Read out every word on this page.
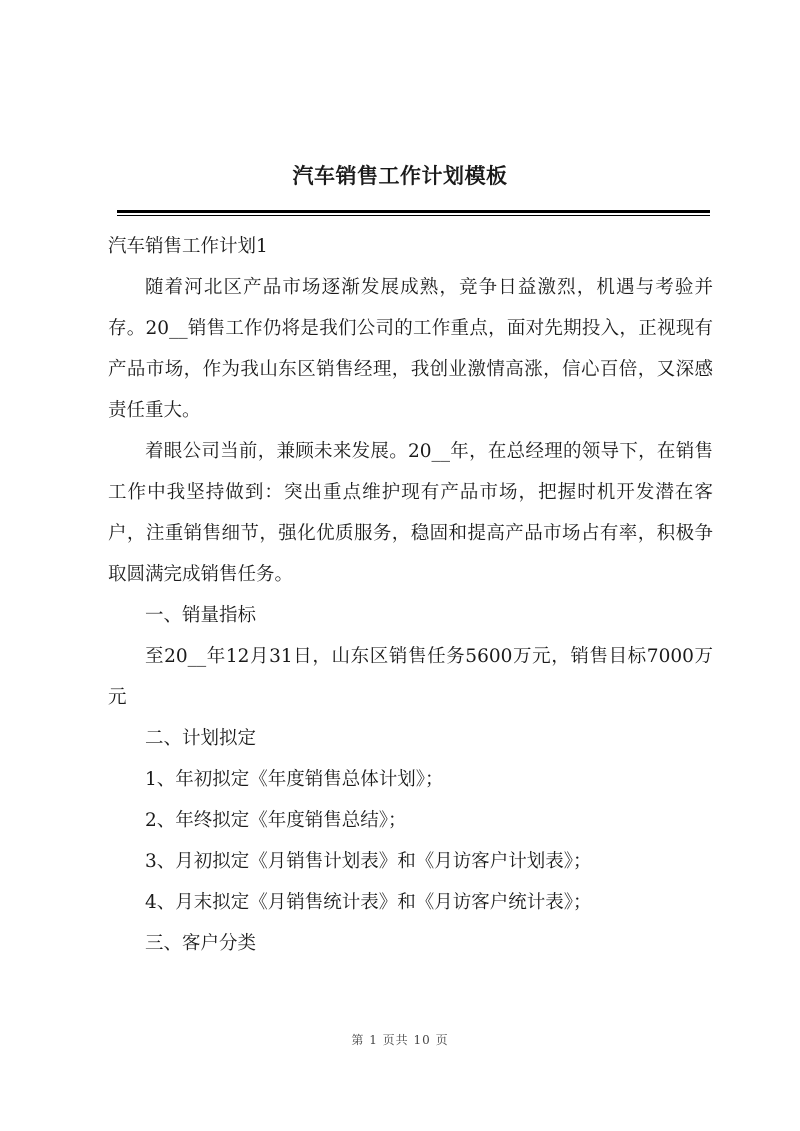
汽车销售工作计划模板

汽车销售工作计划1

随着河北区产品市场逐渐发展成熟，竞争日益激烈，机遇与考验并存。20__销售工作仍将是我们公司的工作重点，面对先期投入，正视现有产品市场，作为我山东区销售经理，我创业激情高涨，信心百倍，又深感责任重大。

着眼公司当前，兼顾未来发展。20__年，在总经理的领导下，在销售工作中我坚持做到：突出重点维护现有产品市场，把握时机开发潜在客户，注重销售细节，强化优质服务，稳固和提高产品市场占有率，积极争取圆满完成销售任务。

一、销量指标

至20__年12月31日，山东区销售任务5600万元，销售目标7000万元

二、计划拟定

1、年初拟定《年度销售总体计划》；

2、年终拟定《年度销售总结》；

3、月初拟定《月销售计划表》和《月访客户计划表》；

4、月末拟定《月销售统计表》和《月访客户统计表》；

三、客户分类

第 1 页共 10 页
